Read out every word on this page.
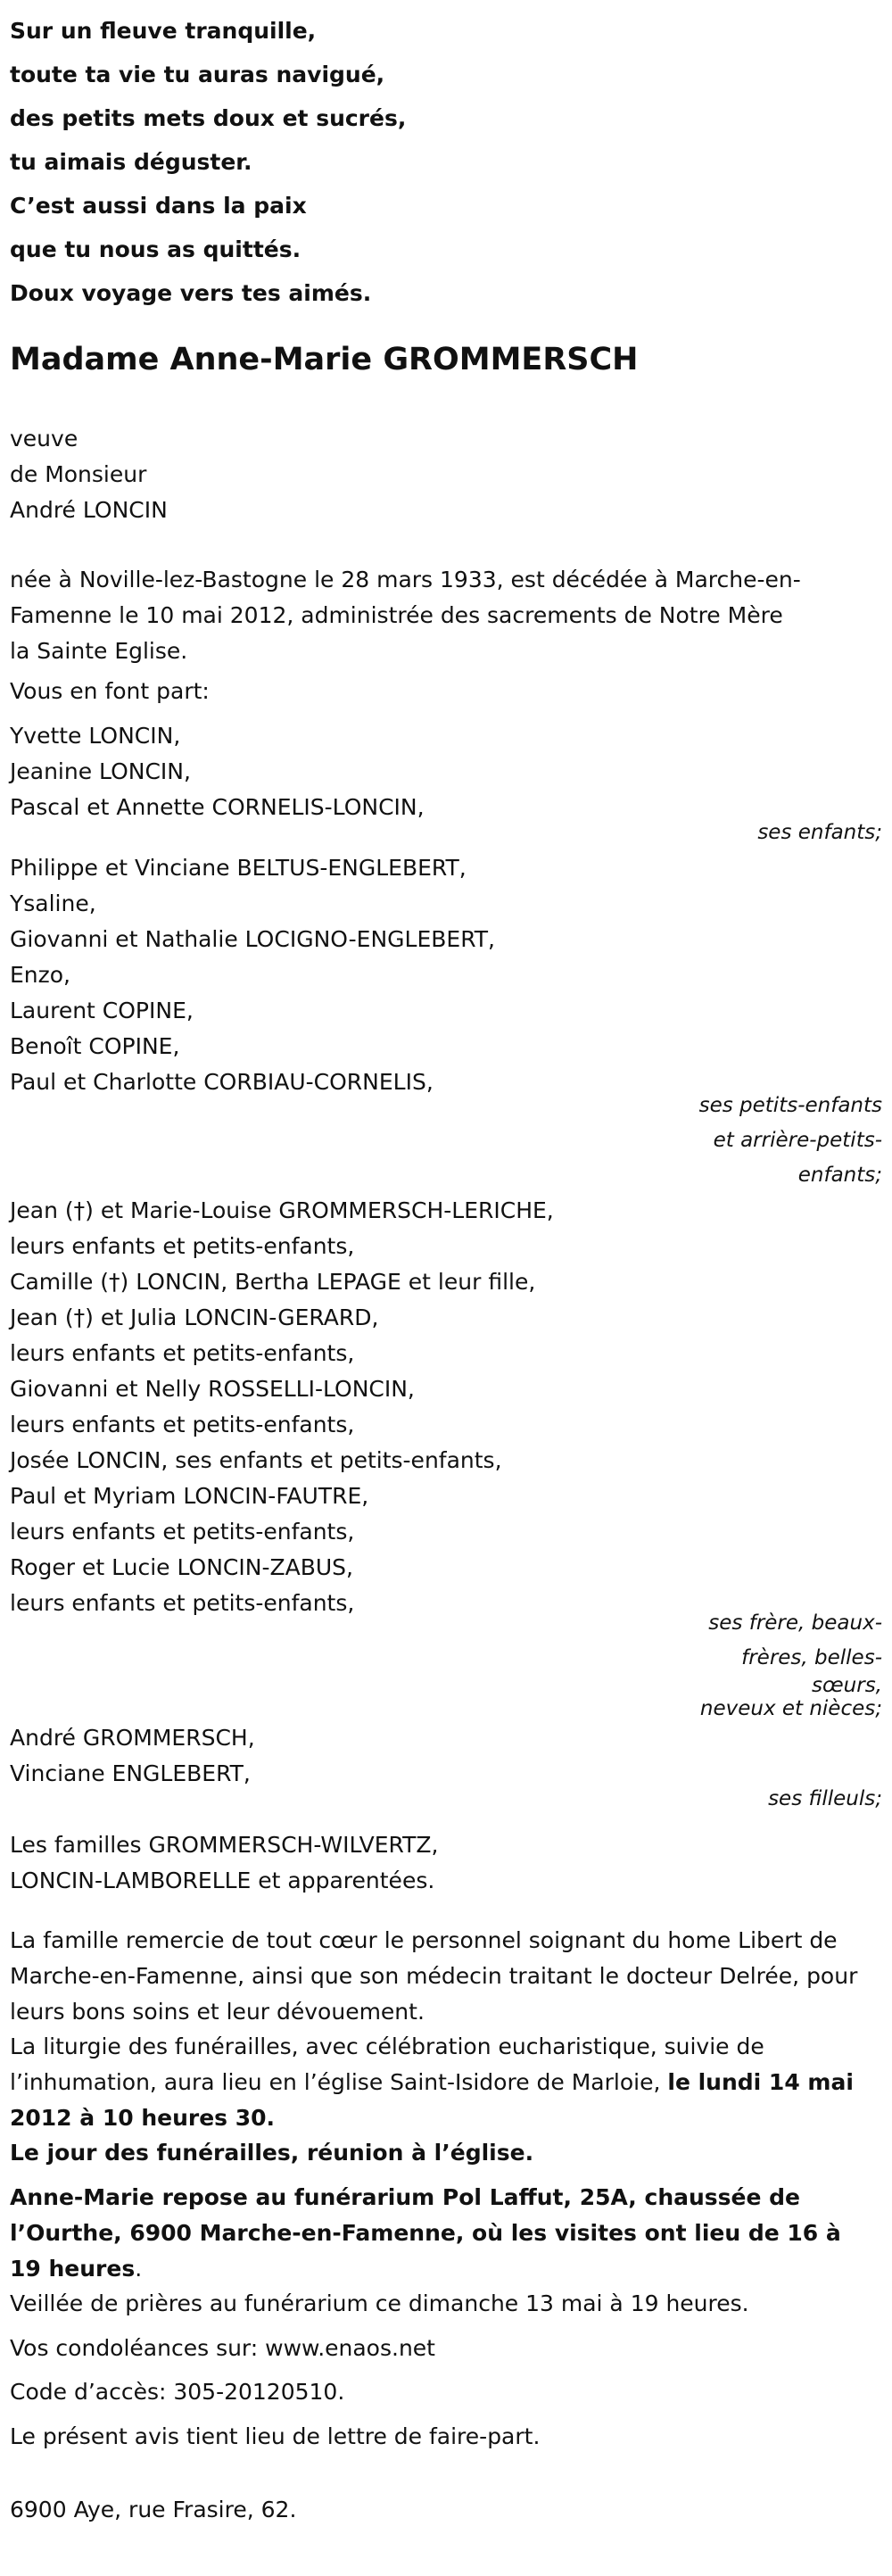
Sur un fleuve tranquille,
toute ta vie tu auras navigué,
des petits mets doux et sucrés,
tu aimais déguster.
C’est aussi dans la paix
que tu nous as quittés.
Doux voyage vers tes aimés.
Madame Anne-Marie GROMMERSCH
veuve
de Monsieur
André LONCIN
née à Noville-lez-Bastogne le 28 mars 1933, est décédée à Marche-en-Famenne le 10 mai 2012, administrée des sacrements de Notre Mère la Sainte Eglise.
Vous en font part:
Yvette LONCIN,
Jeanine LONCIN,
Pascal et Annette CORNELIS-LONCIN,
ses enfants;
Philippe et Vinciane BELTUS-ENGLEBERT,
Ysaline,
Giovanni et Nathalie LOCIGNO-ENGLEBERT,
Enzo,
Laurent COPINE,
Benoît COPINE,
Paul et Charlotte CORBIAU-CORNELIS,
ses petits-enfants
et arrière-petits-
enfants;
Jean (†) et Marie-Louise GROMMERSCH-LERICHE,
leurs enfants et petits-enfants,
Camille (†) LONCIN, Bertha LEPAGE et leur fille,
Jean (†) et Julia LONCIN-GERARD,
leurs enfants et petits-enfants,
Giovanni et Nelly ROSSELLI-LONCIN,
leurs enfants et petits-enfants,
Josée LONCIN, ses enfants et petits-enfants,
Paul et Myriam LONCIN-FAUTRE,
leurs enfants et petits-enfants,
Roger et Lucie LONCIN-ZABUS,
leurs enfants et petits-enfants,
ses frère, beaux-
frères, belles-
sœurs,
neveux et nièces;
André GROMMERSCH,
Vinciane ENGLEBERT,
ses filleuls;
Les familles GROMMERSCH-WILVERTZ,
LONCIN-LAMBORELLE et apparentées.
La famille remercie de tout cœur le personnel soignant du home Libert de Marche-en-Famenne, ainsi que son médecin traitant le docteur Delrée, pour leurs bons soins et leur dévouement.
La liturgie des funérailles, avec célébration eucharistique, suivie de l’inhumation, aura lieu en l’église Saint-Isidore de Marloie, le lundi 14 mai 2012 à 10 heures 30.
Le jour des funérailles, réunion à l’église.
Anne-Marie repose au funérarium Pol Laffut, 25A, chaussée de l’Ourthe, 6900 Marche-en-Famenne, où les visites ont lieu de 16 à 19 heures.
Veillée de prières au funérarium ce dimanche 13 mai à 19 heures.
Vos condoléances sur: www.enaos.net
Code d’accès: 305-20120510.
Le présent avis tient lieu de lettre de faire-part.
6900 Aye, rue Frasire, 62.
